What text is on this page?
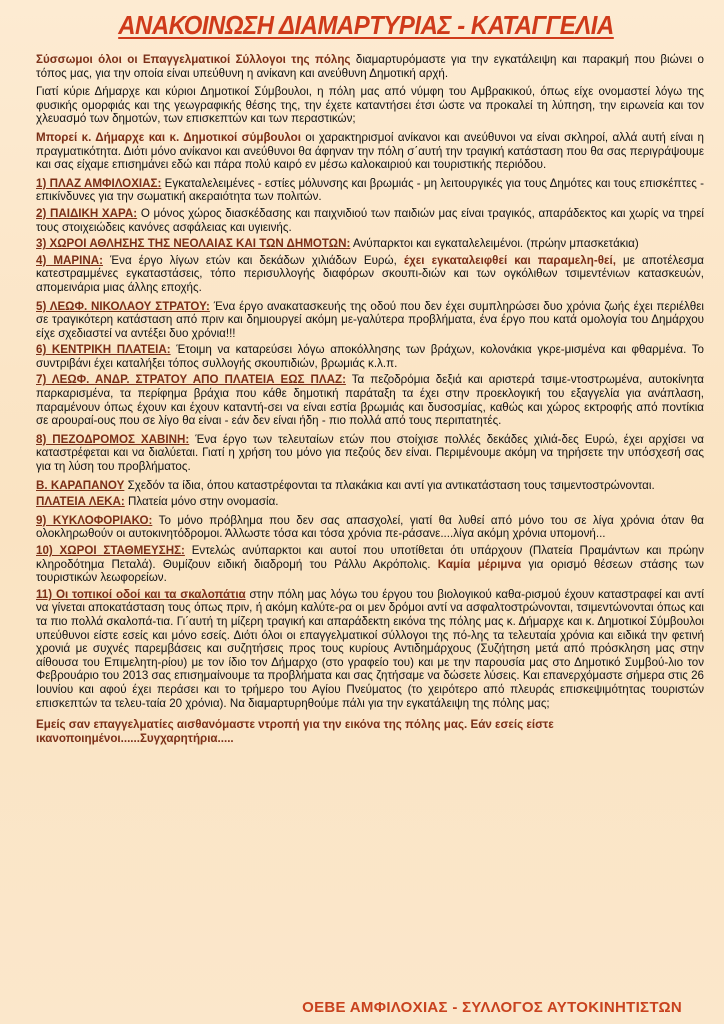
ΑΝΑΚΟΙΝΩΣΗ ΔΙΑΜΑΡΤΥΡΙΑΣ - ΚΑΤΑΓΓΕΛΙΑ

Σύσσωμοι όλοι οι Επαγγελματικοί Σύλλογοι της πόλης διαμαρτυρόμαστε για την εγκατάλειψη και παρακμή που βιώνει ο τόπος μας, για την οποία είναι υπεύθυνη η ανίκανη και ανεύθυνη Δημοτική αρχή.

Γιατί κύριε Δήμαρχε και κύριοι Δημοτικοί Σύμβουλοι, η πόλη μας από νύμφη του Αμβρακικού, όπως είχε ονομαστεί λόγω της φυσικής ομορφιάς και της γεωγραφικής θέσης της, την έχετε καταντήσει έτσι ώστε να προκαλεί τη λύπηση, την ειρωνεία και τον χλευασμό των δημοτών, των επισκεπτών και των περαστικών;

Μπορεί κ. Δήμαρχε και κ. Δημοτικοί σύμβουλοι οι χαρακτηρισμοί ανίκανοι και ανεύθυνοι να είναι σκληροί, αλλά αυτή είναι η πραγματικότητα. Διότι μόνο ανίκανοι και ανεύθυνοι θα άφηναν την πόλη σ΄αυτή την τραγική κατάσταση που θα σας περιγράψουμε και σας είχαμε επισημάνει εδώ και πάρα πολύ καιρό εν μέσω καλοκαιριού και τουριστικής περιόδου.

1) ΠΛΑΖ ΑΜΦΙΛΟΧΙΑΣ: Εγκαταλελειμένες - εστίες μόλυνσης και βρωμιάς - μη λειτουργικές για τους Δημότες και τους επισκέπτες - επικίνδυνες για την σωματική ακεραιότητα των πολιτών.

2) ΠΑΙΔΙΚΗ ΧΑΡΑ: Ο μόνος χώρος διασκέδασης και παιχνιδιού των παιδιών μας είναι τραγικός, απαράδεκτος και χωρίς να τηρεί τους στοιχειώδεις κανόνες ασφάλειας και υγιεινής.

3) ΧΩΡΟΙ ΑΘΛΗΣΗΣ ΤΗΣ ΝΕΟΛΑΙΑΣ ΚΑΙ ΤΩΝ ΔΗΜΟΤΩΝ: Ανύπαρκτοι και εγκαταλελειμένοι. (πρώην μπασκετάκια)

4) ΜΑΡΙΝΑ: Ένα έργο λίγων ετών και δεκάδων χιλιάδων Ευρώ, έχει εγκαταλειφθεί και παραμελη-θεί, με αποτέλεσμα κατεστραμμένες εγκαταστάσεις, τόπο περισυλλογής διαφόρων σκουπι-διών και των ογκόλιθων τσιμεντένιων κατασκευών, απομεινάρια μιας άλλης εποχής.

5) ΛΕΩΦ. ΝΙΚΟΛΑΟΥ ΣΤΡΑΤΟΥ: Ένα έργο ανακατασκευής της οδού που δεν έχει συμπληρώσει δυο χρόνια ζωής έχει περιέλθει σε τραγικότερη κατάσταση από πριν και δημιουργεί ακόμη με-γαλύτερα προβλήματα, ένα έργο που κατά ομολογία του Δημάρχου είχε σχεδιαστεί να αντέξει δυο χρόνια!!!

6) ΚΕΝΤΡΙΚΗ ΠΛΑΤΕΙΑ: Έτοιμη να καταρεύσει λόγω αποκόλλησης των βράχων, κολονάκια γκρε-μισμένα και φθαρμένα. Το συντριβάνι έχει καταλήξει τόπος συλλογής σκουπιδιών, βρωμιάς κ.λ.π.

7) ΛΕΩΦ. ΑΝΔΡ. ΣΤΡΑΤΟΥ ΑΠΟ ΠΛΑΤΕΙΑ ΕΩΣ ΠΛΑΖ: Τα πεζοδρόμια δεξιά και αριστερά τσιμε-ντοστρωμένα, αυτοκίνητα παρκαρισμένα, τα περίφημα βράχια που κάθε δημοτική παράταξη τα έχει στην προεκλογική του εξαγγελία για ανάπλαση, παραμένουν όπως έχουν και έχουν καταντή-σει να είναι εστία βρωμιάς και δυσοσμίας, καθώς και χώρος εκτροφής από ποντίκια σε αρουραί-ους που σε λίγο θα είναι - εάν δεν είναι ήδη - πιο πολλά από τους περιπατητές.

8) ΠΕΖΟΔΡΟΜΟΣ ΧΑΒΙΝΗ: Ένα έργο των τελευταίων ετών που στοίχισε πολλές δεκάδες χιλιά-δες Ευρώ, έχει αρχίσει να καταστρέφεται και να διαλύεται. Γιατί η χρήση του μόνο για πεζούς δεν είναι. Περιμένουμε ακόμη να τηρήσετε την υπόσχεσή σας για τη λύση του προβλήματος.

Β. ΚΑΡΑΠΑΝΟΥ Σχεδόν τα ίδια, όπου καταστρέφονται τα πλακάκια και αντί για αντικατάσταση τους τσιμεντοστρώνονται.

ΠΛΑΤΕΙΑ ΛΕΚΑ: Πλατεία μόνο στην ονομασία.

9) ΚΥΚΛΟΦΟΡΙΑΚΟ: Το μόνο πρόβλημα που δεν σας απασχολεί, γιατί θα λυθεί από μόνο του σε λίγα χρόνια όταν θα ολοκληρωθούν οι αυτοκινητόδρομοι. Άλλωστε τόσα και τόσα χρόνια πε-ράσανε....λίγα ακόμη χρόνια υπομονή...

10) ΧΩΡΟΙ ΣΤΑΘΜΕΥΣΗΣ: Εντελώς ανύπαρκτοι και αυτοί που υποτίθεται ότι υπάρχουν (Πλατεία Πραμάντων και πρώην κληροδότημα Πεταλά). Θυμίζουν ειδική διαδρομή του Ράλλυ Ακρόπολις. Καμία μέριμνα για ορισμό θέσεων στάσης των τουριστικών λεωφορείων.

11) Οι τοπικοί οδοί και τα σκαλοπάτια στην πόλη μας λόγω του έργου του βιολογικού καθα-ρισμού έχουν καταστραφεί και αντί να γίνεται αποκατάσταση τους όπως πριν, ή ακόμη καλύτε-ρα οι μεν δρόμοι αντί να ασφαλτοστρώνονται, τσιμεντώνονται όπως και τα πιο πολλά σκαλοπά-τια. Γι΄αυτή τη μίζερη τραγική και απαράδεκτη εικόνα της πόλης μας κ. Δήμαρχε και κ. Δημοτικοί Σύμβουλοι υπεύθυνοι είστε εσείς και μόνο εσείς. Διότι όλοι οι επαγγελματικοί σύλλογοι της πό-λης τα τελευταία χρόνια και ειδικά την φετινή χρονιά με συχνές παρεμβάσεις και συζητήσεις προς τους κυρίους Αντιδημάρχους (Συζήτηση μετά από πρόσκληση μας στην αίθουσα του Επιμελητη-ρίου) με τον ίδιο τον Δήμαρχο (στο γραφείο του) και με την παρουσία μας στο Δημοτικό Συμβού-λιο τον Φεβρουάριο του 2013 σας επισημαίνουμε τα προβλήματα και σας ζητήσαμε να δώσετε λύσεις. Και επανερχόμαστε σήμερα στις 26 Ιουνίου και αφού έχει περάσει και το τρήμερο του Αγίου Πνεύματος (το χειρότερο από πλευράς επισκεψιμότητας τουριστών επισκεπτών τα τελευ-ταία 20 χρόνια). Να διαμαρτυρηθούμε πάλι για την εγκατάλειψη της πόλης μας;

Εμείς σαν επαγγελματίες αισθανόμαστε ντροπή για την εικόνα της πόλης μας. Εάν εσείς είστε ικανοποιημένοι......Συγχαρητήρια.....

ΟΕΒΕ ΑΜΦΙΛΟΧΙΑΣ - ΣΥΛΛΟΓΟΣ ΑΥΤΟΚΙΝΗΤΙΣΤΩΝ
